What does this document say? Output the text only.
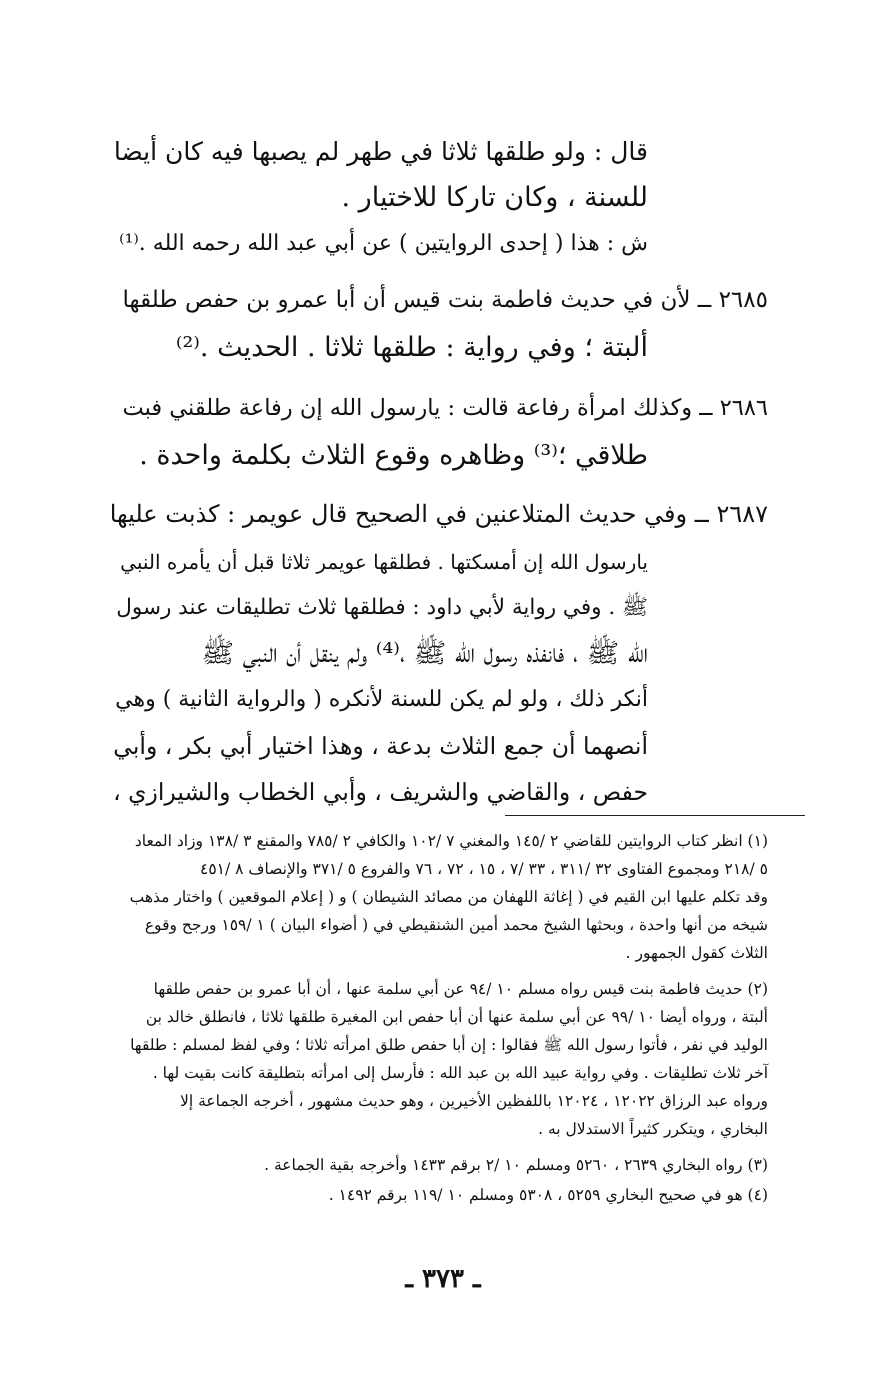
قال : ولو طلقها ثلاثا في طهر لم يصبها فيه كان أيضا
للسنة ، وكان تاركا للاختيار .
ش : هذا ( إحدى الروايتين ) عن أبي عبد الله رحمه الله .⁽¹⁾
٢٦٨٥ ــ لأن في حديث فاطمة بنت قيس أن أبا عمرو بن حفص طلقها
ألبتة ؛ وفي رواية : طلقها ثلاثا . الحديث .⁽²⁾
٢٦٨٦ ــ وكذلك امرأة رفاعة قالت : يارسول الله إن رفاعة طلقني فبت
طلاقي ؛⁽³⁾ وظاهره وقوع الثلاث بكلمة واحدة .
٢٦٨٧ ــ وفي حديث المتلاعنين في الصحيح قال عويمر : كذبت عليها
يارسول الله إن أمسكتها . فطلقها عويمر ثلاثا قبل أن يأمره النبي
ﷺ . وفي رواية لأبي داود : فطلقها ثلاث تطليقات عند رسول
الله ﷺ ، فانفذه رسول الله ﷺ ،⁽⁴⁾ ولم ينقل أن النبي ﷺ
أنكر ذلك ، ولو لم يكن للسنة لأنكره ( والرواية الثانية ) وهي
أنصهما أن جمع الثلاث بدعة ، وهذا اختيار أبي بكر ، وأبي
حفص ، والقاضي والشريف ، وأبي الخطاب والشيرازي ،
(١) انظر كتاب الروايتين للقاضي ٢ /١٤٥ والمغني ٧ /١٠٢ والكافي ٢ /٧٨٥ والمقنع ٣ /١٣٨ وزاد المعاد
٥ /٢١٨ ومجموع الفتاوى ٣٢ /٣١١ ، ٣٣ /٧ ، ١٥ ، ٧٢ ، ٧٦ والفروع ٥ /٣٧١ والإنصاف ٨ /٤٥١
وقد تكلم عليها ابن القيم في ( إغاثة اللهفان من مصائد الشيطان ) و ( إعلام الموقعين ) واختار مذهب
شيخه من أنها واحدة ، وبحثها الشيخ محمد أمين الشنقيطي في ( أضواء البيان ) ١ /١٥٩ ورجح وقوع
الثلاث كقول الجمهور .
(٢) حديث فاطمة بنت قيس رواه مسلم ١٠ /٩٤ عن أبي سلمة عنها ، أن أبا عمرو بن حفص طلقها
ألبتة ، ورواه أيضا ١٠ /٩٩ عن أبي سلمة عنها أن أبا حفص ابن المغيرة طلقها ثلاثا ، فانطلق خالد بن
الوليد في نفر ، فأتوا رسول الله ﷺ فقالوا : إن أبا حفص طلق امرأته ثلاثا ؛ وفي لفظ لمسلم : طلقها
آخر ثلاث تطليقات . وفي رواية عبيد الله بن عبد الله : فأرسل إلى امرأته بتطليقة كانت بقيت لها .
ورواه عبد الرزاق ١٢٠٢٢ ، ١٢٠٢٤ باللفظين الأخيرين ، وهو حديث مشهور ، أخرجه الجماعة إلا
البخاري ، ويتكرر كثيراً الاستدلال به .
(٣) رواه البخاري ٢٦٣٩ ، ٥٢٦٠ ومسلم ١٠ /٢ برقم ١٤٣٣ وأخرجه بقية الجماعة .
(٤) هو في صحيح البخاري ٥٢٥٩ ، ٥٣٠٨ ومسلم ١٠ /١١٩ برقم ١٤٩٢ .
ـ ٣٧٣ ـ
